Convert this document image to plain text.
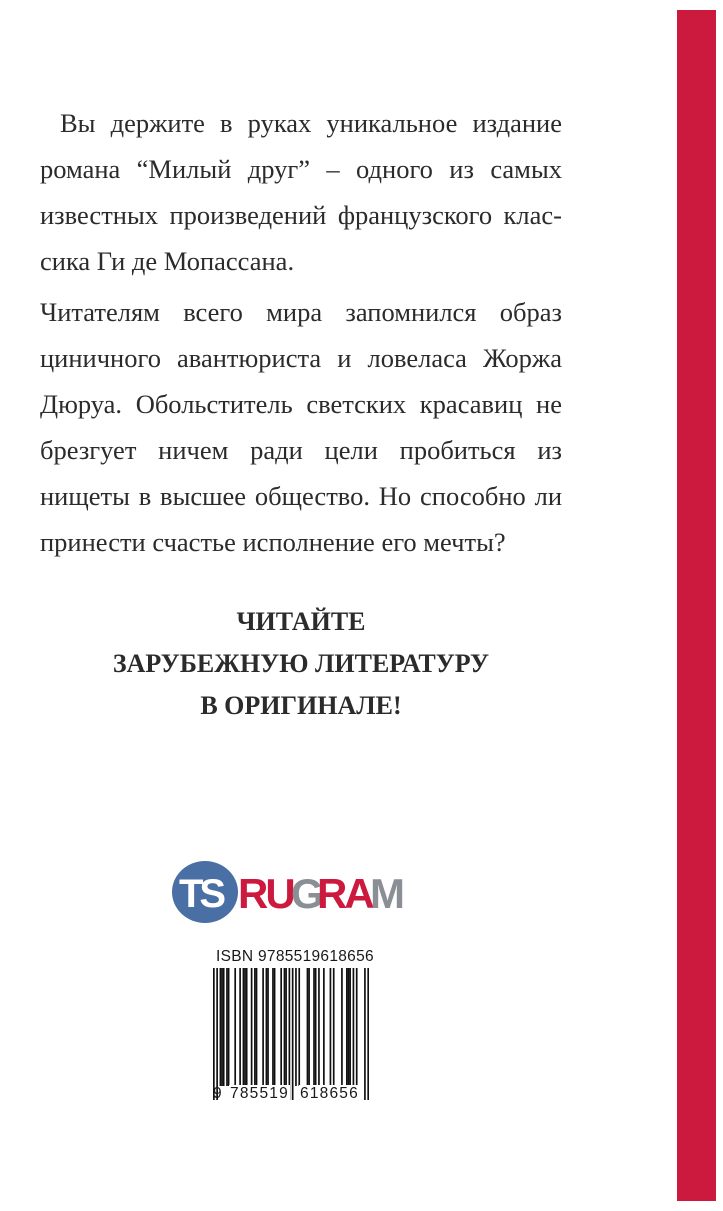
Вы держите в руках уникальное издание романа “Милый друг” – одного из самых известных произведений французского клас-сика Ги де Мопассана.

Читателям всего мира запомнился образ циничного авантюриста и ловеласа Жоржа Дюруа. Обольститель светских красавиц не брезгует ничем ради цели пробиться из нищеты в высшее общество. Но способно ли принести счастье исполнение его мечты?

ЧИТАЙТЕ
ЗАРУБЕЖНУЮ ЛИТЕРАТУРУ
В ОРИГИНАЛЕ!
TS RU
G
RA
M
ISBN 9785519618656
9 785519 618656
